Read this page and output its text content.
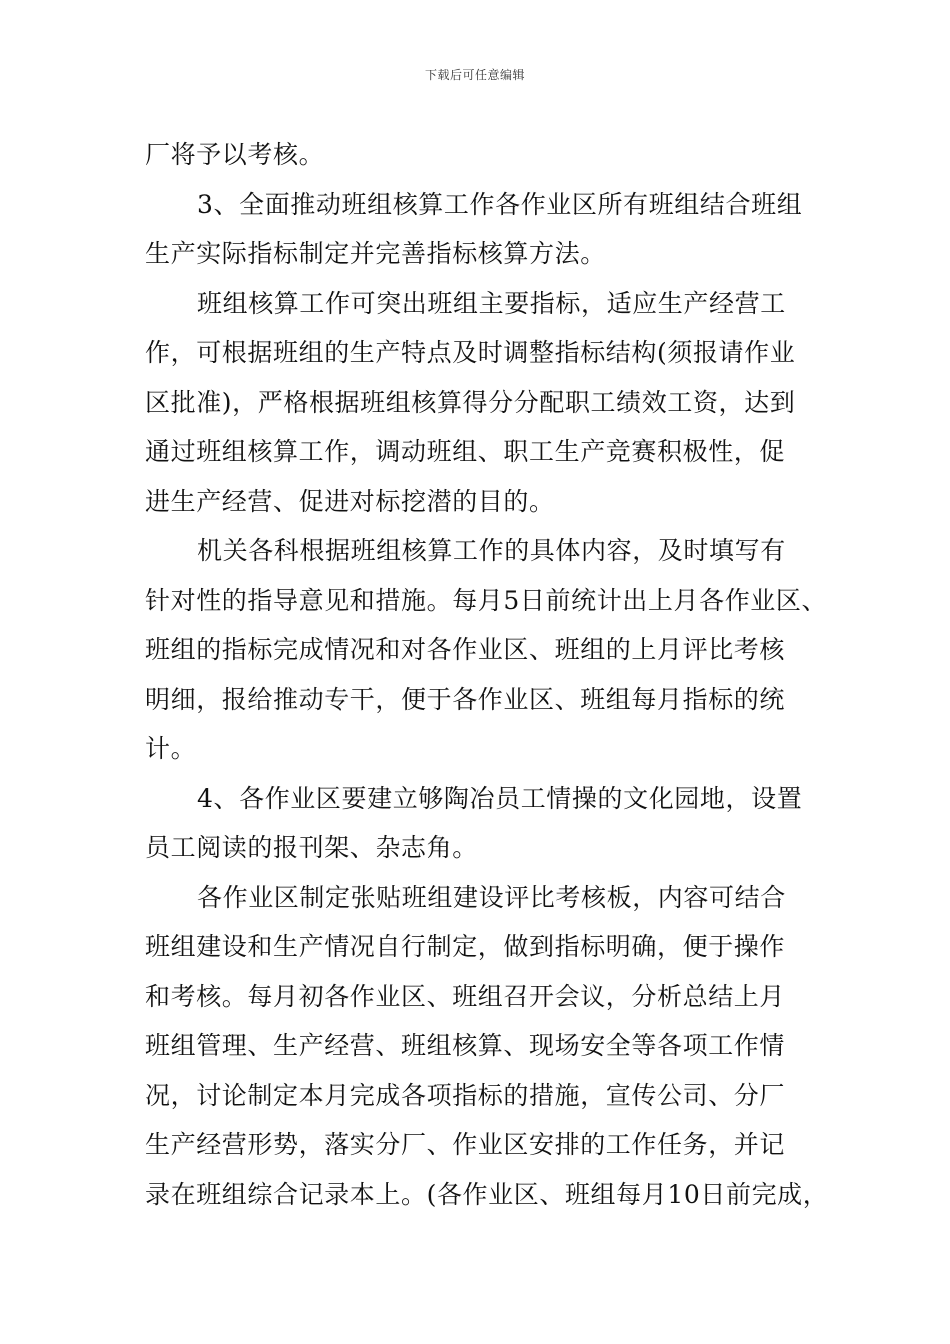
下载后可任意编辑
厂将予以考核。
3、全面推动班组核算工作各作业区所有班组结合班组
生产实际指标制定并完善指标核算方法。
班组核算工作可突出班组主要指标，适应生产经营工
作，可根据班组的生产特点及时调整指标结构(须报请作业
区批准)，严格根据班组核算得分分配职工绩效工资，达到
通过班组核算工作，调动班组、职工生产竞赛积极性，促
进生产经营、促进对标挖潜的目的。
机关各科根据班组核算工作的具体内容，及时填写有
针对性的指导意见和措施。每月5日前统计出上月各作业区、
班组的指标完成情况和对各作业区、班组的上月评比考核
明细，报给推动专干，便于各作业区、班组每月指标的统
计。
4、各作业区要建立够陶冶员工情操的文化园地，设置
员工阅读的报刊架、杂志角。
各作业区制定张贴班组建设评比考核板，内容可结合
班组建设和生产情况自行制定，做到指标明确，便于操作
和考核。每月初各作业区、班组召开会议，分析总结上月
班组管理、生产经营、班组核算、现场安全等各项工作情
况，讨论制定本月完成各项指标的措施，宣传公司、分厂
生产经营形势，落实分厂、作业区安排的工作任务，并记
录在班组综合记录本上。(各作业区、班组每月10日前完成，
